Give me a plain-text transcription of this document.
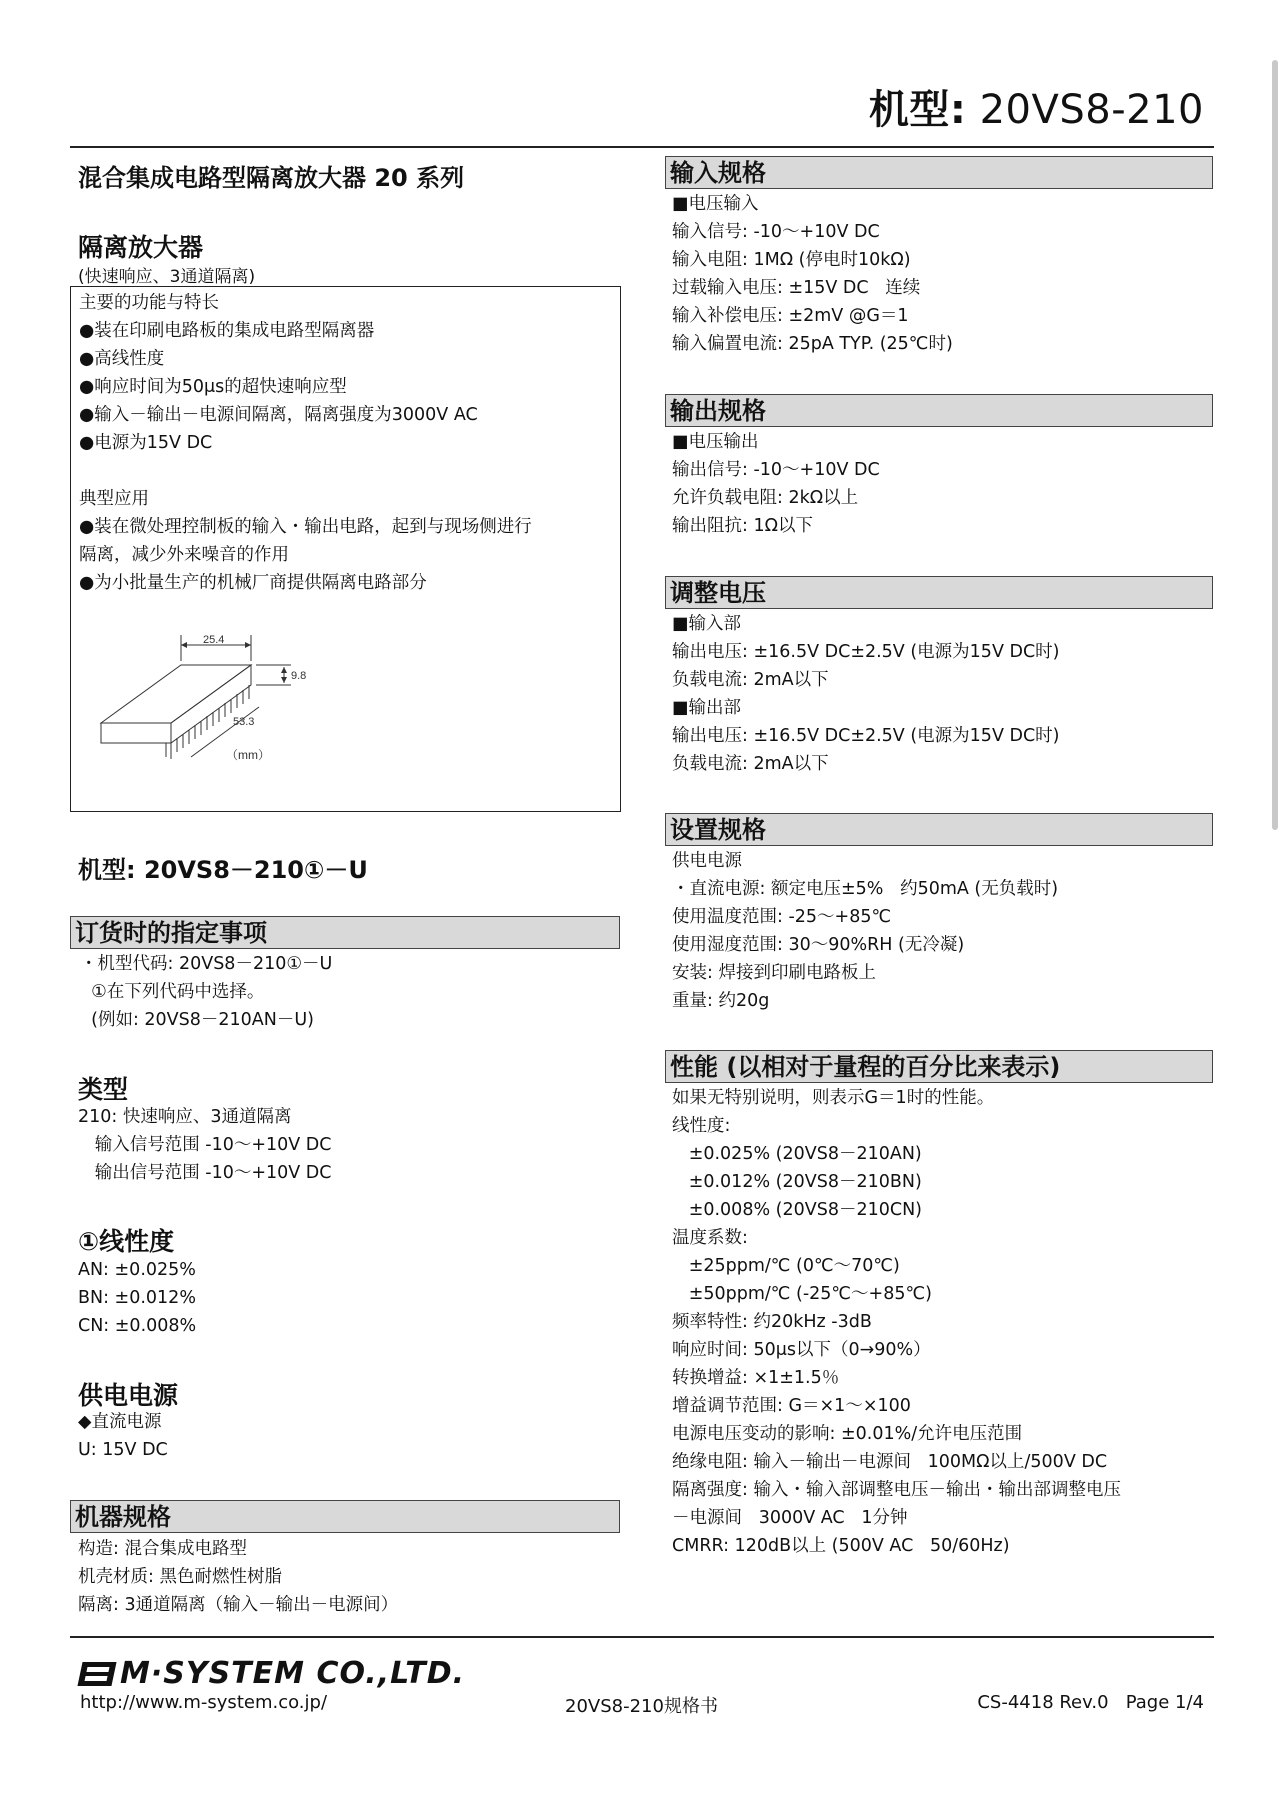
机型: 20VS8-210
混合集成电路型隔离放大器 20 系列
隔离放大器
(快速响应、3通道隔离)
主要的功能与特长
●装在印刷电路板的集成电路型隔离器
●高线性度
●响应时间为50μs的超快速响应型
●输入－输出－电源间隔离，隔离强度为3000V AC
●电源为15V DC

典型应用
●装在微处理控制板的输入・输出电路，起到与现场侧进行
隔离，减少外来噪音的作用
●为小批量生产的机械厂商提供隔离电路部分
25.4
9.8
53.3
（mm）
机型: 20VS8－210①－U
订货时的指定事项
・机型代码: 20VS8－210①－U
①在下列代码中选择。
(例如: 20VS8－210AN－U)
类型
210: 快速响应、3通道隔离
输入信号范围 -10～+10V DC
输出信号范围 -10～+10V DC
①线性度
AN: ±0.025%
BN: ±0.012%
CN: ±0.008%
供电电源
◆直流电源
U: 15V DC
机器规格
构造: 混合集成电路型
机壳材质: 黑色耐燃性树脂
隔离: 3通道隔离（输入－输出－电源间）
输入规格
■电压输入
输入信号: -10～+10V DC
输入电阻: 1MΩ (停电时10kΩ)
过载输入电压: ±15V DC   连续
输入补偿电压: ±2mV @G＝1
输入偏置电流: 25pA TYP. (25℃时)
输出规格
■电压输出
输出信号: -10～+10V DC
允许负载电阻: 2kΩ以上
输出阻抗: 1Ω以下
调整电压
■输入部
输出电压: ±16.5V DC±2.5V (电源为15V DC时)
负载电流: 2mA以下
■输出部
输出电压: ±16.5V DC±2.5V (电源为15V DC时)
负载电流: 2mA以下
设置规格
供电电源
・直流电源: 额定电压±5%   约50mA (无负载时)
使用温度范围: -25～+85℃
使用湿度范围: 30～90%RH (无冷凝)
安装: 焊接到印刷电路板上
重量: 约20g
性能 (以相对于量程的百分比来表示)
如果无特别说明，则表示G＝1时的性能。
线性度:
±0.025% (20VS8－210AN)
±0.012% (20VS8－210BN)
±0.008% (20VS8－210CN)
温度系数:
±25ppm/℃ (0℃～70℃)
±50ppm/℃ (-25℃～+85℃)
频率特性: 约20kHz -3dB
响应时间: 50μs以下（0→90%）
转换增益: ×1±1.5％
增益调节范围: G＝×1～×100
电源电压变动的影响: ±0.01%/允许电压范围
绝缘电阻: 输入－输出－电源间   100MΩ以上/500V DC
隔离强度: 输入・输入部调整电压－输出・输出部调整电压
－电源间   3000V AC   1分钟
CMRR: 120dB以上 (500V AC   50/60Hz)
M·SYSTEM CO.,LTD.
http://www.m-system.co.jp/	20VS8-210规格书	CS-4418 Rev.0   Page 1/4
